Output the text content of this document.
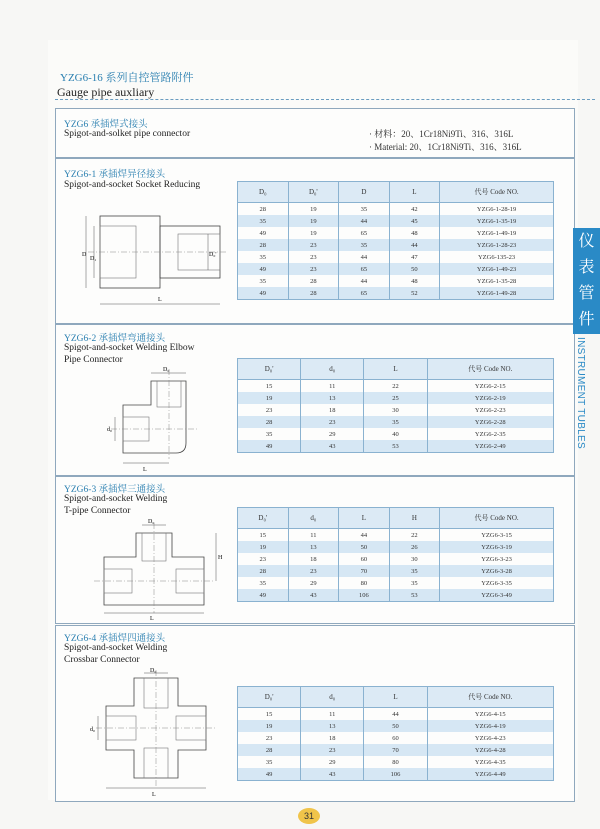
YZG6-16 系列自控管路附件
Gauge pipe auxliary
YZG6 承插焊式接头
Spigot-and-solket pipe connector	· 材料：20、1Cr18Ni9Ti、316、316L
· Material: 20、1Cr18Ni9Ti、316、316L
YZG6-1 承插焊异径接头
Spigot-and-socket Socket Reducing
D
D₁
D₀'
L
D₀	D₀'	D	L	代号 Code NO.
28	19	35	42	YZG6-1-28-19
35	19	44	45	YZG6-1-35-19
49	19	65	48	YZG6-1-49-19
28	23	35	44	YZG6-1-28-23
35	23	44	47	YZG6-135-23
49	23	65	50	YZG6-1-49-23
35	28	44	48	YZG6-1-35-28
49	28	65	52	YZG6-1-49-28
YZG6-2 承插焊弯通接头
Spigot-and-socket Welding Elbow
Pipe Connector
D₀
d₀
L
D₀'	d₀	L	代号 Code NO.
15	11	22	YZG6-2-15
19	13	25	YZG6-2-19
23	18	30	YZG6-2-23
28	23	35	YZG6-2-28
35	29	40	YZG6-2-35
49	43	53	YZG6-2-49
YZG6-3 承插焊三通接头
Spigot-and-socket Welding
T-pipe Connector
D₀
H
L
D₀'	d₀	L	H	代号 Code NO.
15	11	44	22	YZG6-3-15
19	13	50	26	YZG6-3-19
23	18	60	30	YZG6-3-23
28	23	70	35	YZG6-3-28
35	29	80	35	YZG6-3-35
49	43	106	53	YZG6-3-49
YZG6-4 承插焊四通接头
Spigot-and-socket Welding
Crossbar Connector
D₀
d₀
L
D₀'	d₀	L	代号 Code NO.
15	11	44	YZG6-4-15
19	13	50	YZG6-4-19
23	18	60	YZG6-4-23
28	23	70	YZG6-4-28
35	29	80	YZG6-4-35
49	43	106	YZG6-4-49
仪
表
管
件
INSTRUMENT TUBLES
31
